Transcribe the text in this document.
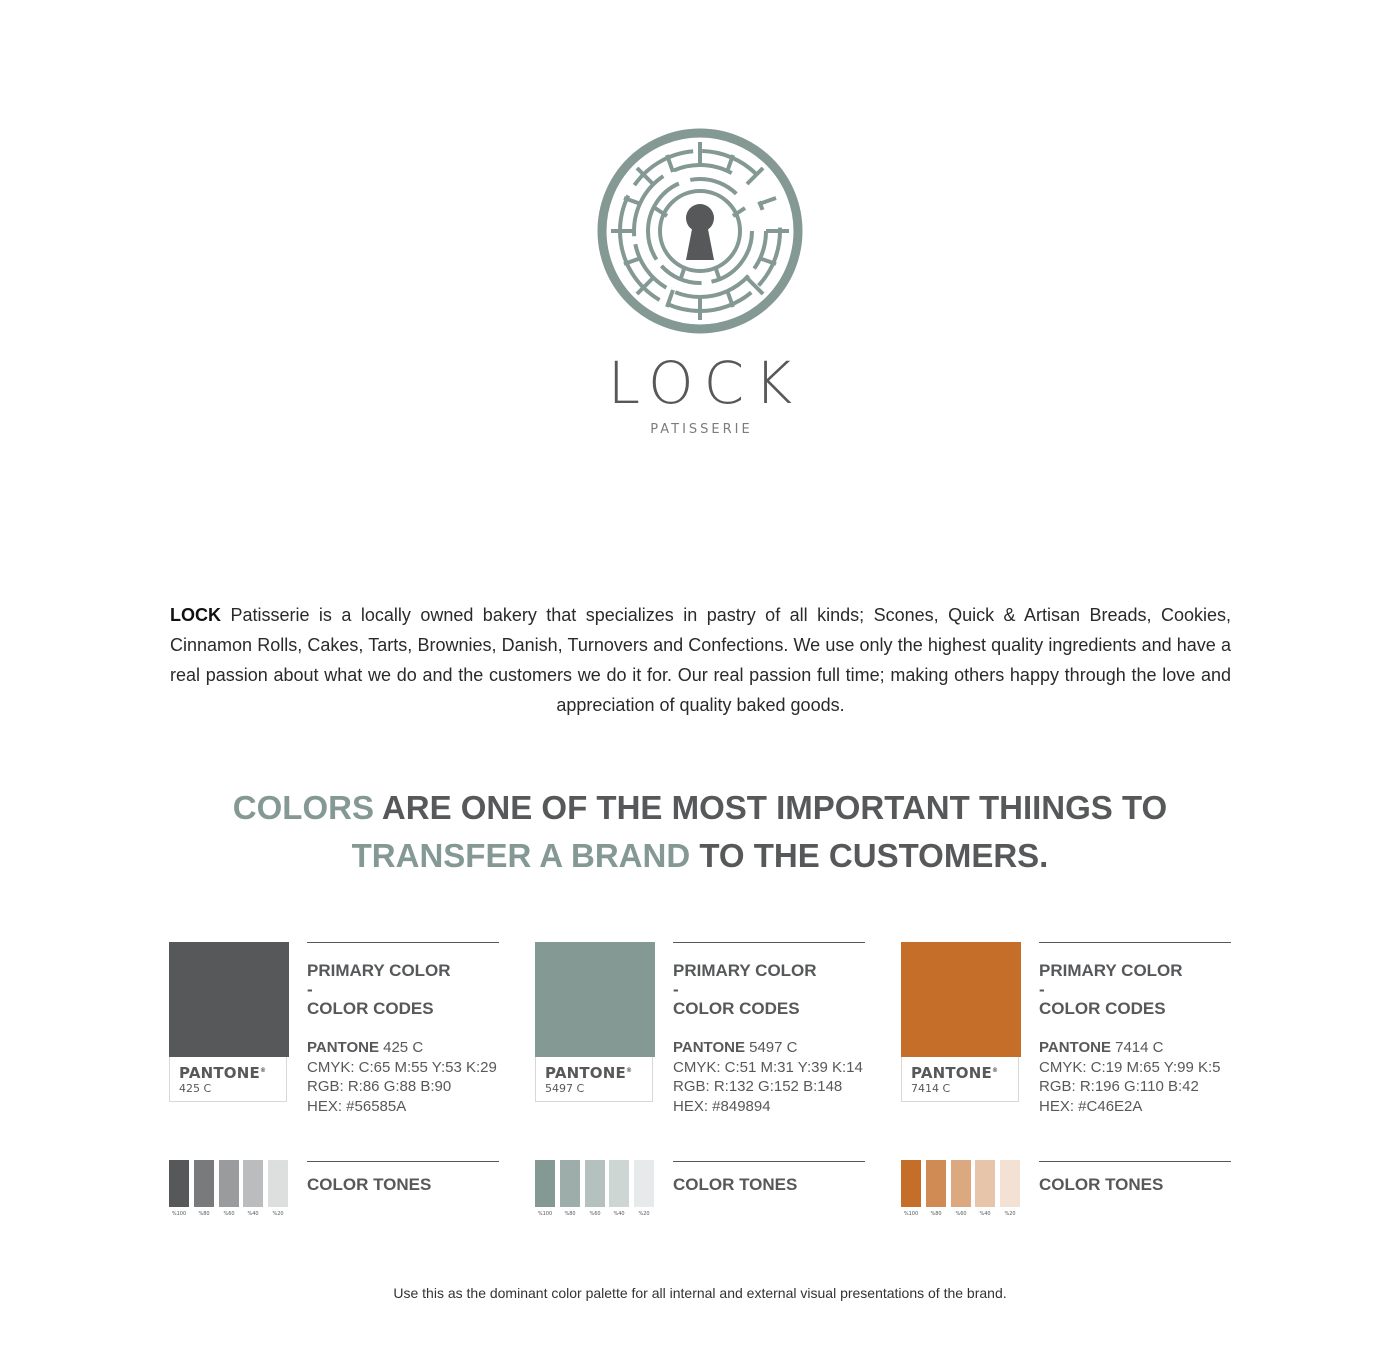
LOCK
PATISSERIE
LOCK Patisserie is a locally owned bakery that specializes in pastry of all kinds; Scones, Quick & Artisan Breads, Cookies, Cinnamon Rolls, Cakes, Tarts, Brownies, Danish, Turnovers and Confections. We use only the highest quality ingredients and have a real passion about what we do and the customers we do it for. Our real passion full time; making others happy through the love and appreciation of quality baked goods.
COLORS ARE ONE OF THE MOST IMPORTANT THIINGS TO
TRANSFER A BRAND TO THE CUSTOMERS.
PANTONE®
425 C
PRIMARY COLOR
-
COLOR CODES
PANTONE 425 C
CMYK: C:65 M:55 Y:53 K:29
RGB: R:86 G:88 B:90
HEX: #56585A
%100	%80	%60	%40	%20
COLOR TONES
PANTONE®
5497 C
PRIMARY COLOR
-
COLOR CODES
PANTONE 5497 C
CMYK: C:51 M:31 Y:39 K:14
RGB: R:132 G:152 B:148
HEX: #849894
%100	%80	%60	%40	%20
COLOR TONES
PANTONE®
7414 C
PRIMARY COLOR
-
COLOR CODES
PANTONE 7414 C
CMYK: C:19 M:65 Y:99 K:5
RGB: R:196 G:110 B:42
HEX: #C46E2A
%100	%80	%60	%40	%20
COLOR TONES
Use this as the dominant color palette for all internal and external visual presentations of the brand.
